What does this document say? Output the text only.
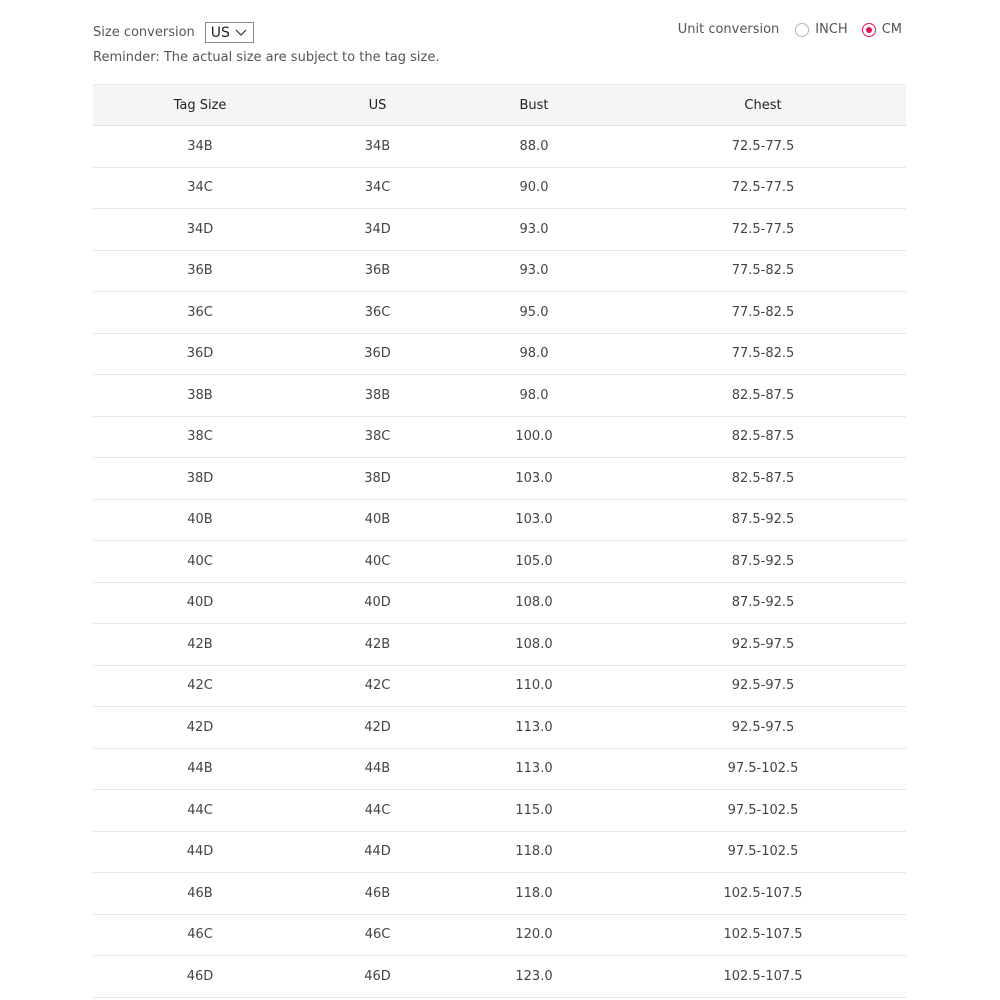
Size conversion US
Reminder: The actual size are subject to the tag size.
Unit conversion	INCH	CM
Tag Size	US	Bust	Chest
34B	34B	88.0	72.5-77.5
34C	34C	90.0	72.5-77.5
34D	34D	93.0	72.5-77.5
36B	36B	93.0	77.5-82.5
36C	36C	95.0	77.5-82.5
36D	36D	98.0	77.5-82.5
38B	38B	98.0	82.5-87.5
38C	38C	100.0	82.5-87.5
38D	38D	103.0	82.5-87.5
40B	40B	103.0	87.5-92.5
40C	40C	105.0	87.5-92.5
40D	40D	108.0	87.5-92.5
42B	42B	108.0	92.5-97.5
42C	42C	110.0	92.5-97.5
42D	42D	113.0	92.5-97.5
44B	44B	113.0	97.5-102.5
44C	44C	115.0	97.5-102.5
44D	44D	118.0	97.5-102.5
46B	46B	118.0	102.5-107.5
46C	46C	120.0	102.5-107.5
46D	46D	123.0	102.5-107.5
